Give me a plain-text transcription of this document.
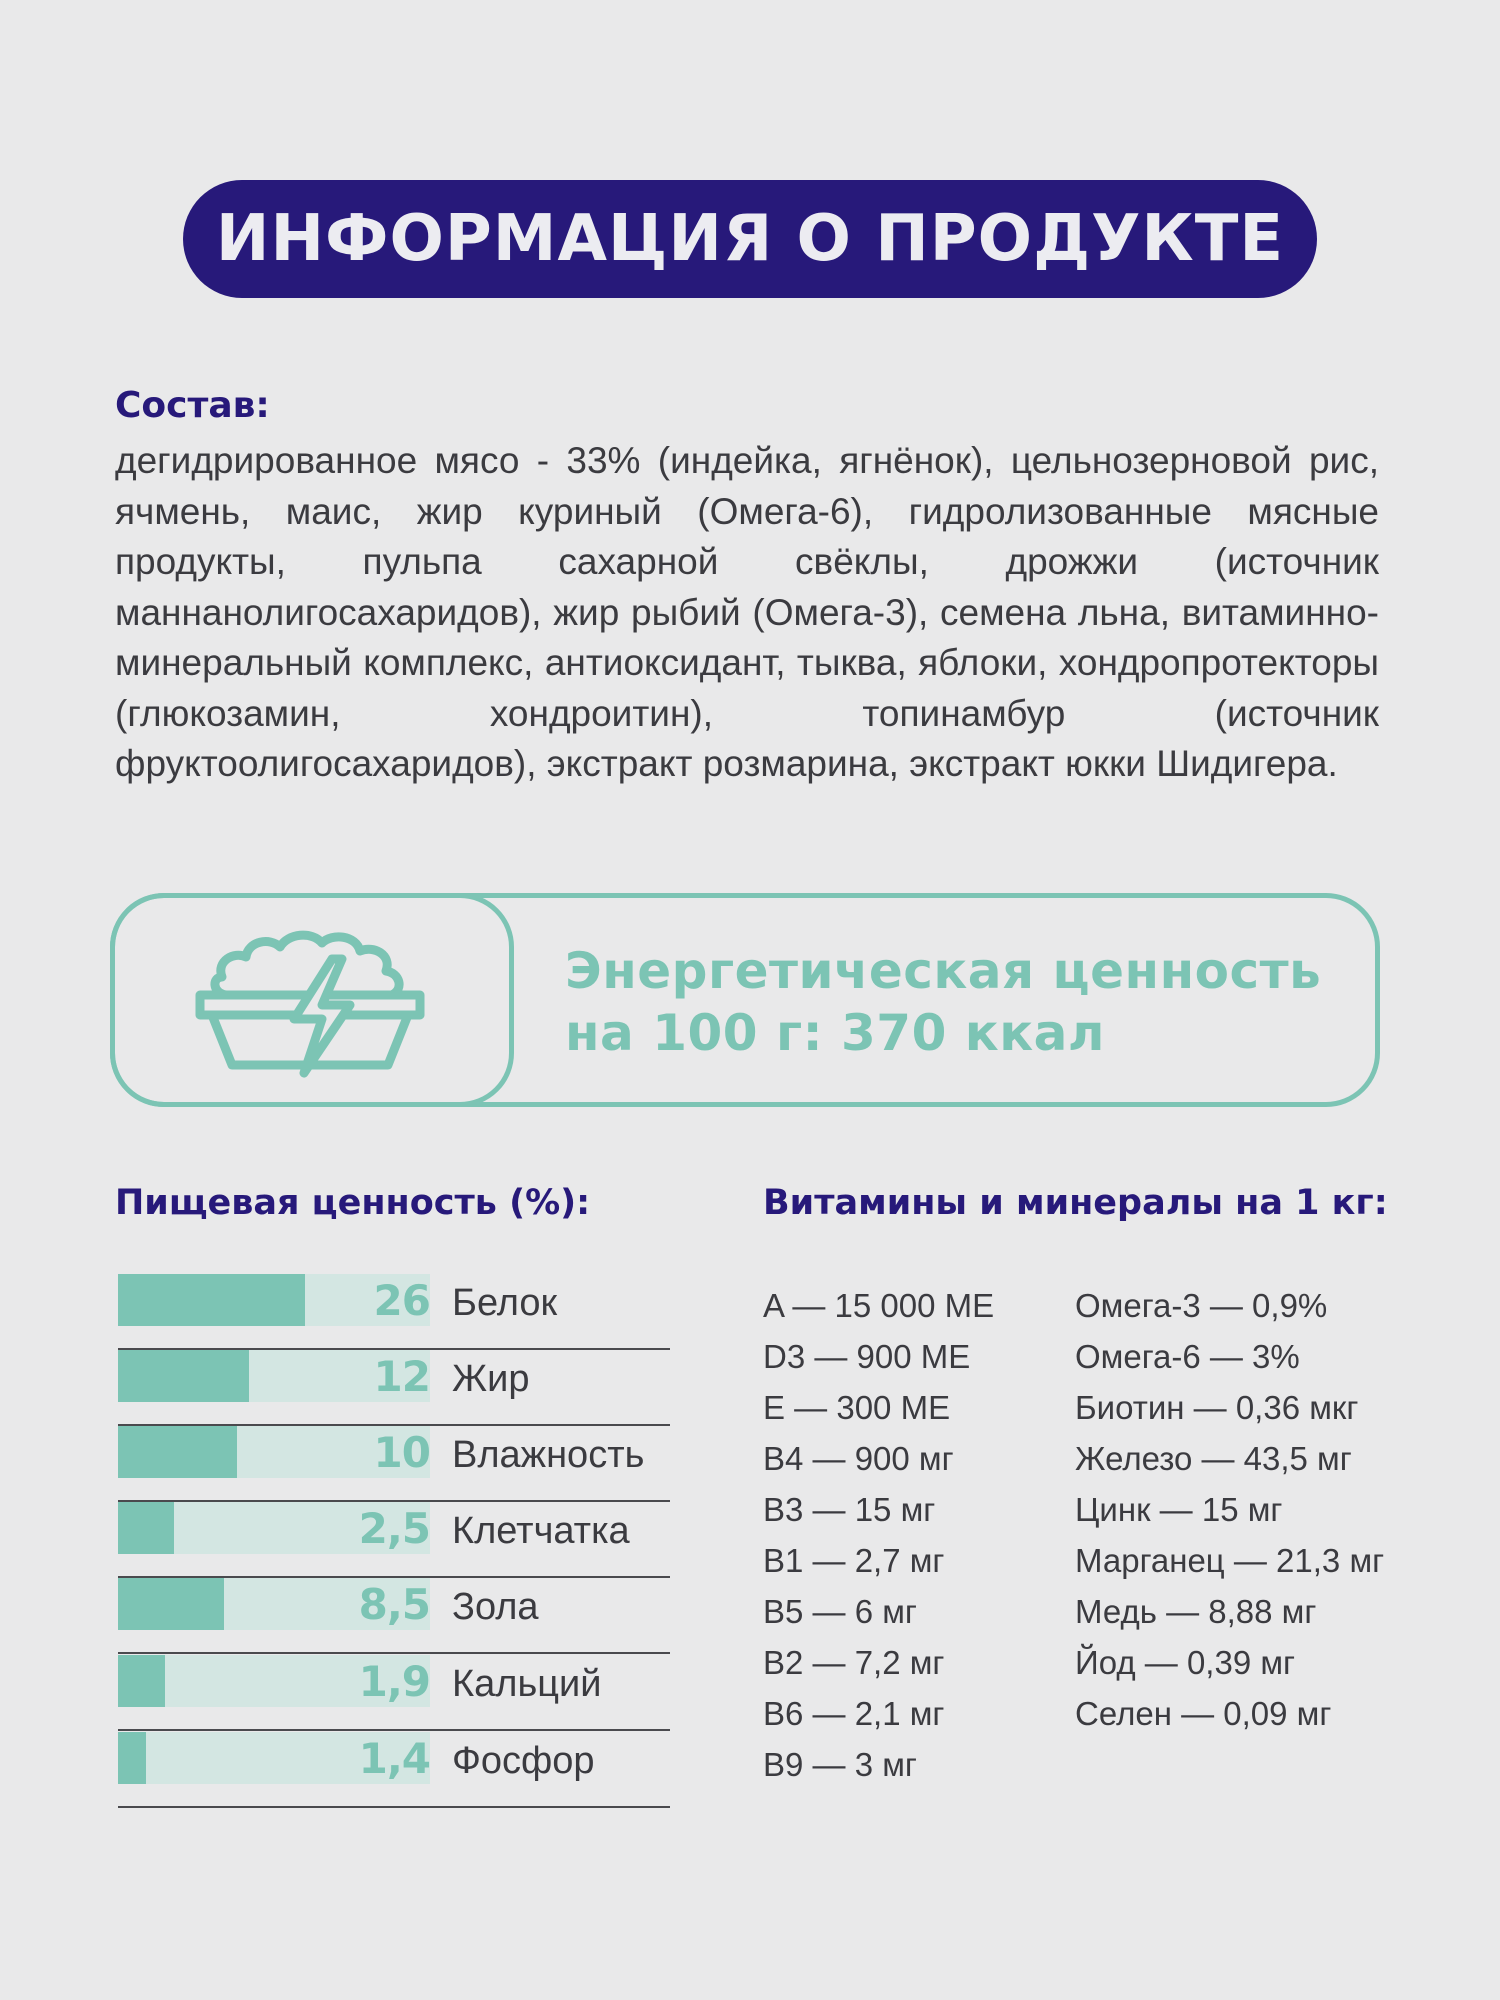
ИНФОРМАЦИЯ О ПРОДУКТЕ
Состав:
дегидрированное мясо - 33% (индейка, ягнёнок), цельнозерновой рис, ячмень, маис, жир куриный (Омега-6), гидролизованные мясные продукты, пульпа сахарной свёклы, дрожжи (источник маннанолигосахаридов), жир рыбий (Омега-3), семена льна, витаминно-минеральный комплекс, антиоксидант, тыква, яблоки, хондропротекторы (глюкозамин, хондроитин), топинамбур (источник фруктоолигосахаридов), экстракт розмарина, экстракт юкки Шидигера.
Энергетическая ценность
на 100 г: 370 ккал
Пищевая ценность (%):	Витамины и минералы на 1 кг:
26 Белок
12 Жир
10 Влажность
2,5 Клетчатка
8,5 Зола
1,9 Кальций
1,4 Фосфор
A — 15 000 МЕ
D3 — 900 МЕ
E — 300 МЕ
B4 — 900 мг
B3 — 15 мг
B1 — 2,7 мг
B5 — 6 мг
B2 — 7,2 мг
B6 — 2,1 мг
B9 — 3 мг
Омега-3 — 0,9%
Омега-6 — 3%
Биотин — 0,36 мкг
Железо — 43,5 мг
Цинк — 15 мг
Марганец — 21,3 мг
Медь — 8,88 мг
Йод — 0,39 мг
Селен — 0,09 мг
